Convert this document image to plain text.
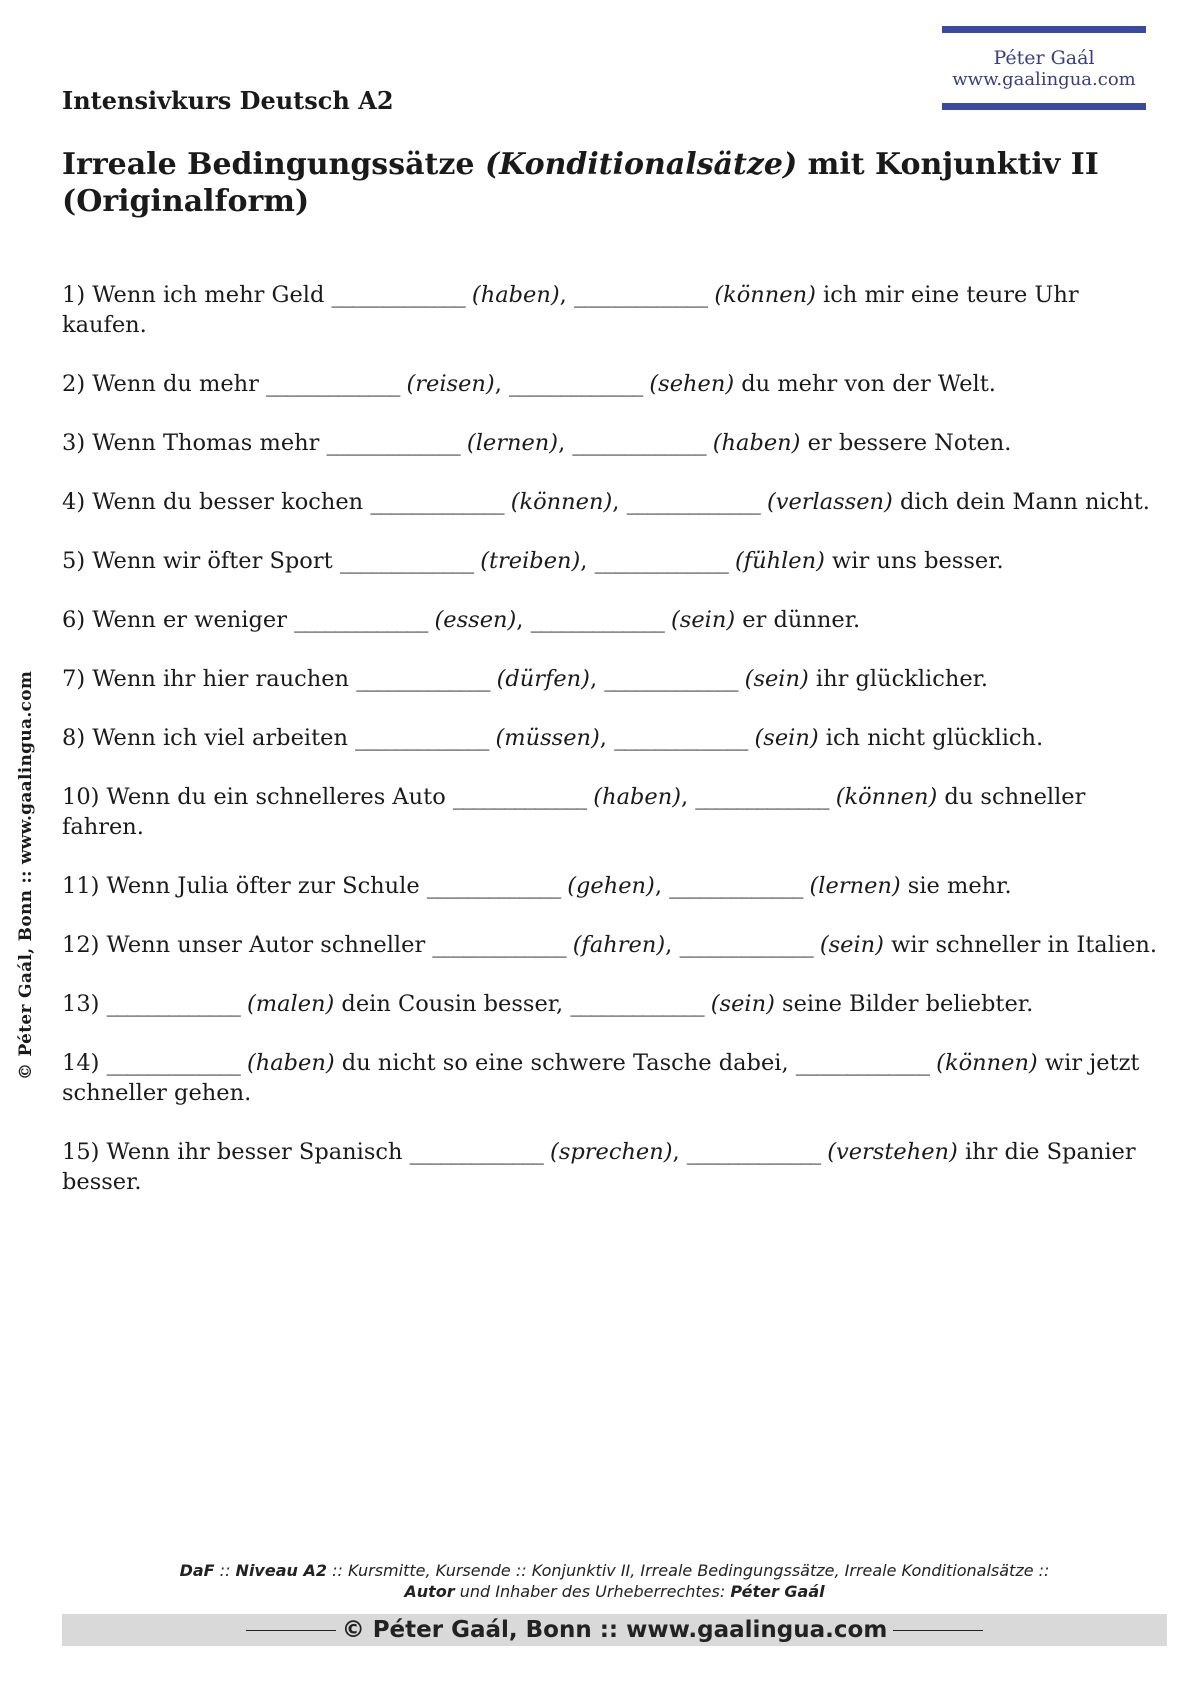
Péter Gaál
www.gaalingua.com
Intensivkurs Deutsch A2
Irreale Bedingungssätze (Konditionalsätze) mit Konjunktiv II (Originalform)
© Péter Gaál, Bonn :: www.gaalingua.com

1) Wenn ich mehr Geld _____________ (haben), _____________ (können) ich mir eine teure Uhr kaufen.

2) Wenn du mehr _____________ (reisen), _____________ (sehen) du mehr von der Welt.

3) Wenn Thomas mehr _____________ (lernen), _____________ (haben) er bessere Noten.

4) Wenn du besser kochen _____________ (können), _____________ (verlassen) dich dein Mann nicht.

5) Wenn wir öfter Sport _____________ (treiben), _____________ (fühlen) wir uns besser.

6) Wenn er weniger _____________ (essen), _____________ (sein) er dünner.

7) Wenn ihr hier rauchen _____________ (dürfen), _____________ (sein) ihr glücklicher.

8) Wenn ich viel arbeiten _____________ (müssen), _____________ (sein) ich nicht glücklich.

10) Wenn du ein schnelleres Auto _____________ (haben), _____________ (können) du schneller fahren.

11) Wenn Julia öfter zur Schule _____________ (gehen), _____________ (lernen) sie mehr.

12) Wenn unser Autor schneller _____________ (fahren), _____________ (sein) wir schneller in Italien.

13) _____________ (malen) dein Cousin besser, _____________ (sein) seine Bilder beliebter.

14) _____________ (haben) du nicht so eine schwere Tasche dabei, _____________ (können) wir jetzt schneller gehen.

15) Wenn ihr besser Spanisch _____________ (sprechen), _____________ (verstehen) ihr die Spanier besser.

DaF :: Niveau A2 :: Kursmitte, Kursende :: Konjunktiv II, Irreale Bedingungssätze, Irreale Konditionalsätze ::
Autor und Inhaber des Urheberrechtes: Péter Gaál
© Péter Gaál, Bonn :: www.gaalingua.com
